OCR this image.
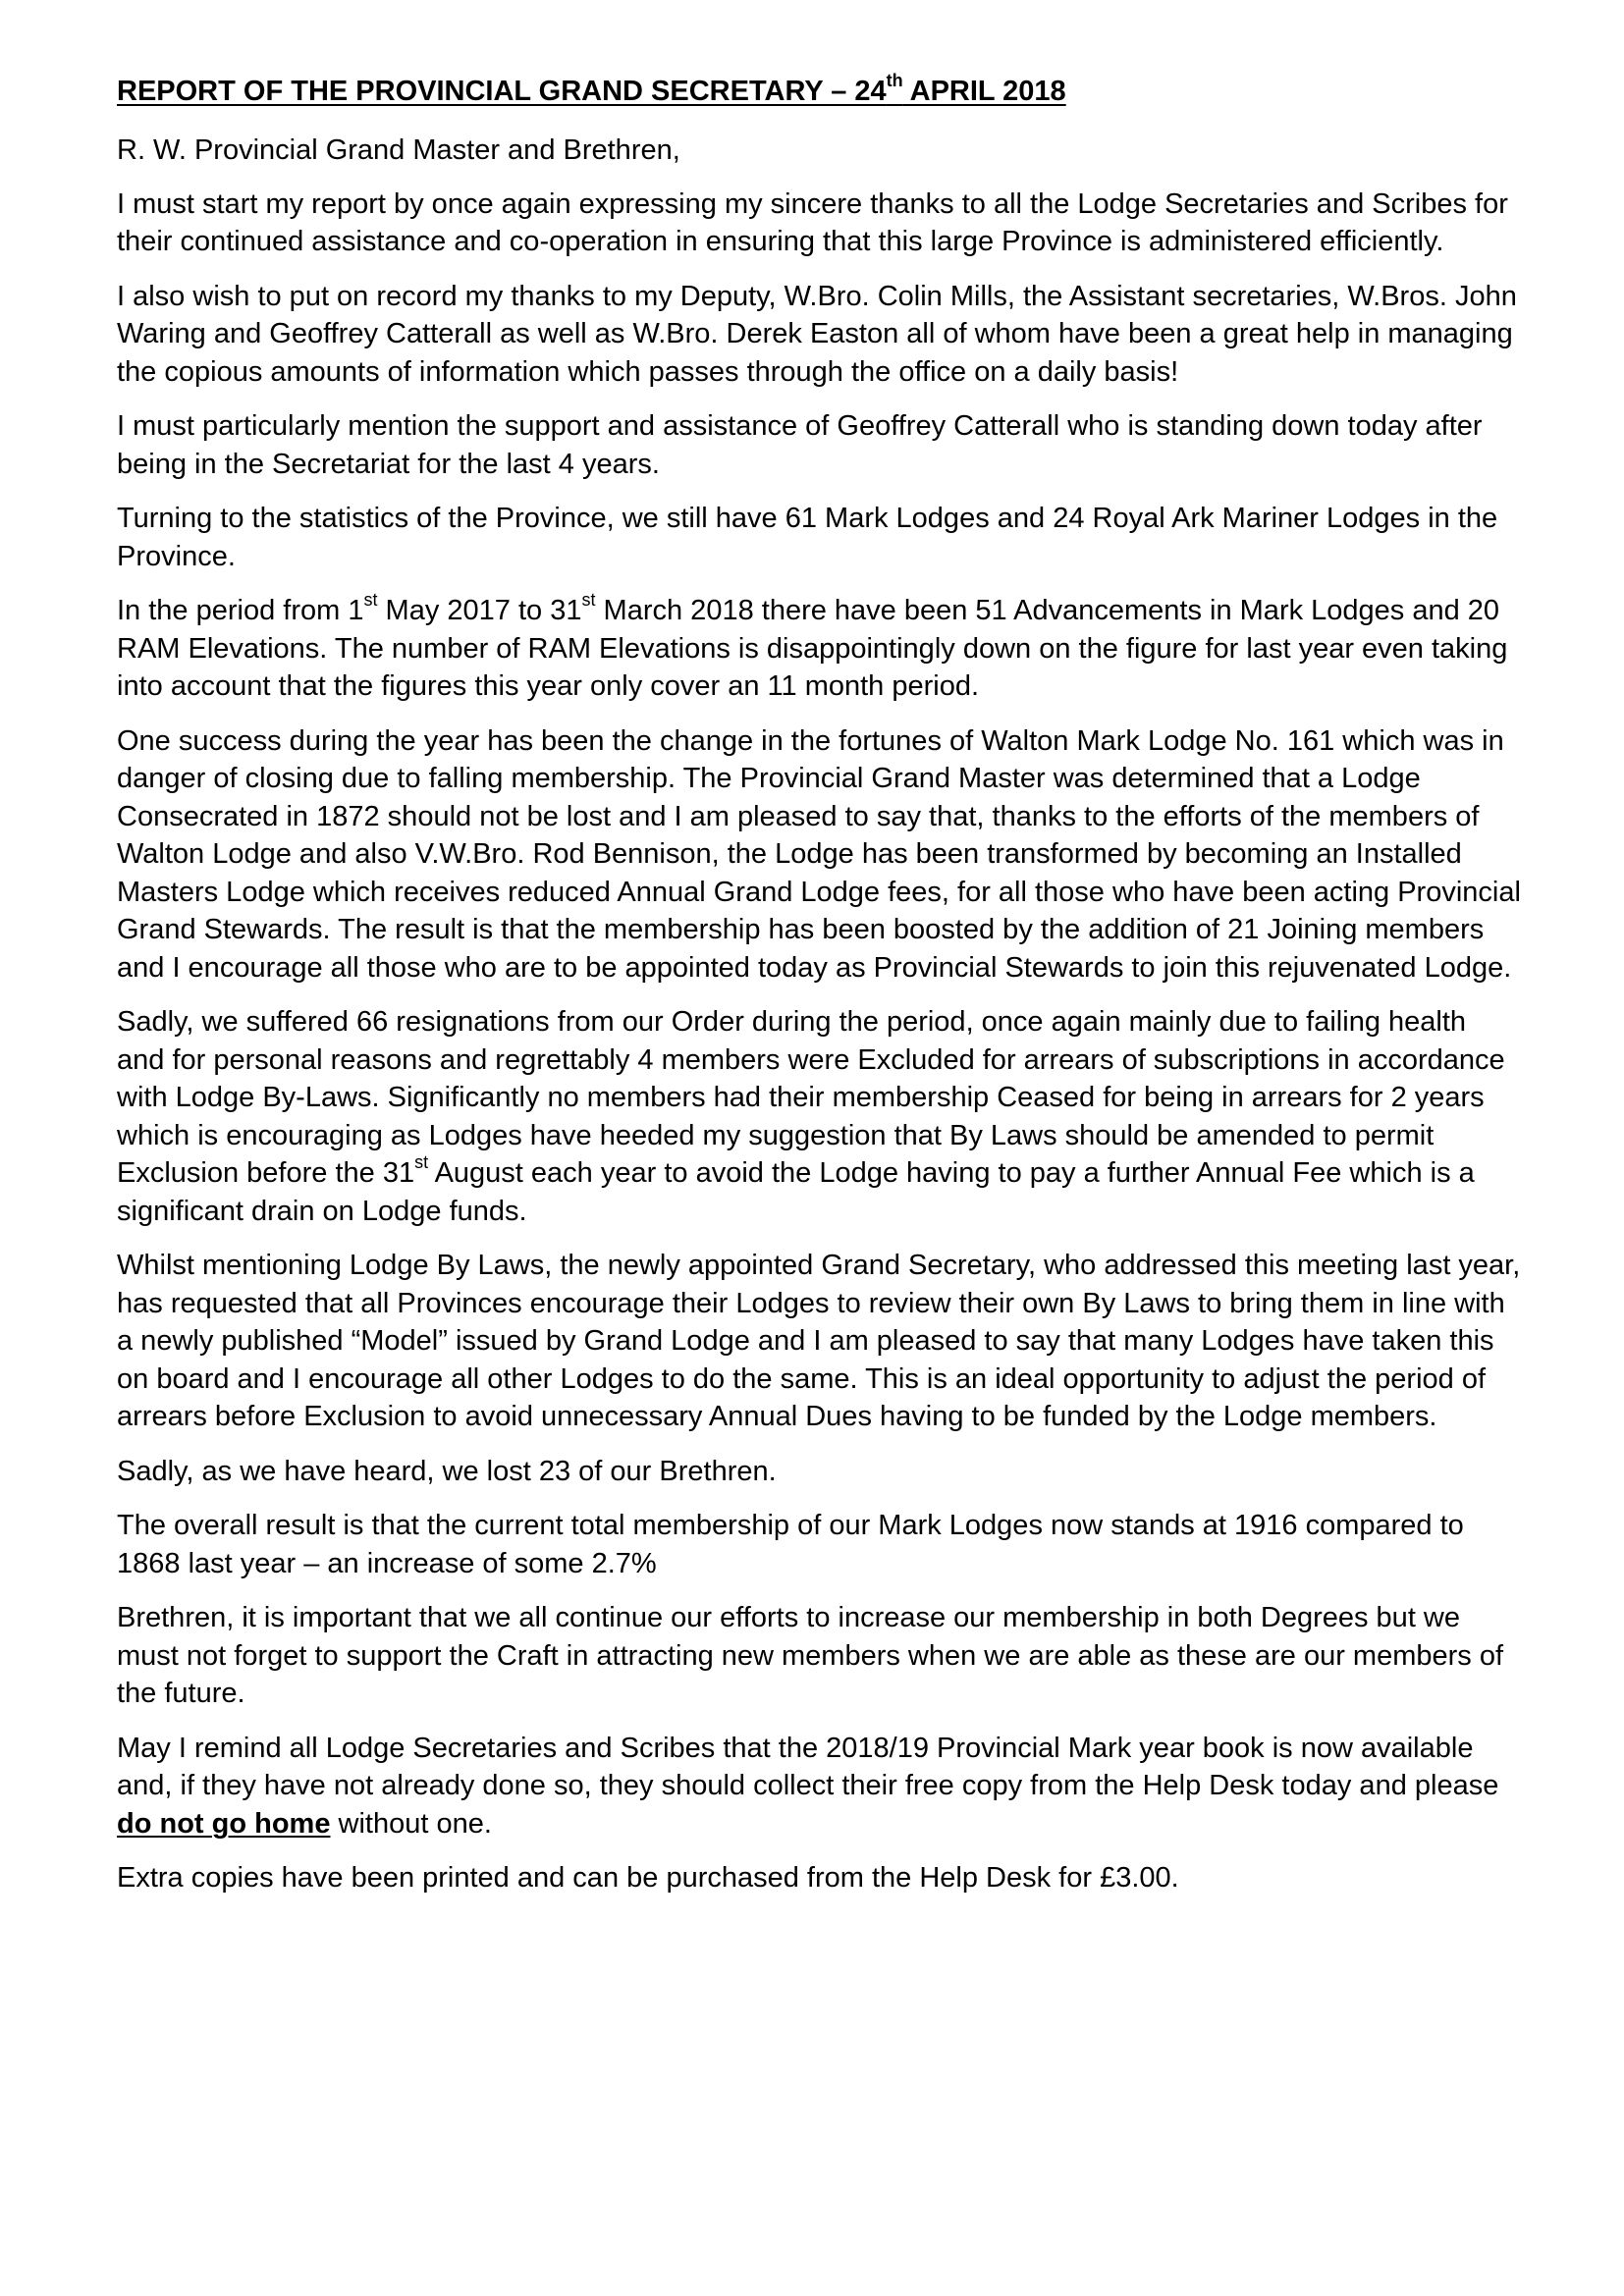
REPORT OF THE PROVINCIAL GRAND SECRETARY – 24th APRIL 2018

R. W. Provincial Grand Master and Brethren,

I must start my report by once again expressing my sincere thanks to all the Lodge Secretaries and Scribes for their continued assistance and co-operation in ensuring that this large Province is administered efficiently.

I also wish to put on record my thanks to my Deputy, W.Bro. Colin Mills, the Assistant secretaries, W.Bros. John Waring and Geoffrey Catterall as well as W.Bro. Derek Easton all of whom have been a great help in managing the copious amounts of information which passes through the office on a daily basis!

I must particularly mention the support and assistance of Geoffrey Catterall who is standing down today after being in the Secretariat for the last 4 years.

Turning to the statistics of the Province, we still have 61 Mark Lodges and 24 Royal Ark Mariner Lodges in the Province.

In the period from 1st May 2017 to 31st March 2018 there have been 51 Advancements in Mark Lodges and 20 RAM Elevations. The number of RAM Elevations is disappointingly down on the figure for last year even taking into account that the figures this year only cover an 11 month period.

One success during the year has been the change in the fortunes of Walton Mark Lodge No. 161 which was in danger of closing due to falling membership. The Provincial Grand Master was determined that a Lodge Consecrated in 1872 should not be lost and I am pleased to say that, thanks to the efforts of the members of Walton Lodge and also V.W.Bro. Rod Bennison, the Lodge has been transformed by becoming an Installed Masters Lodge which receives reduced Annual Grand Lodge fees, for all those who have been acting Provincial Grand Stewards. The result is that the membership has been boosted by the addition of 21 Joining members and I encourage all those who are to be appointed today as Provincial Stewards to join this rejuvenated Lodge.

Sadly, we suffered 66 resignations from our Order during the period, once again mainly due to failing health and for personal reasons and regrettably 4 members were Excluded for arrears of subscriptions in accordance with Lodge By-Laws. Significantly no members had their membership Ceased for being in arrears for 2 years which is encouraging as Lodges have heeded my suggestion that By Laws should be amended to permit Exclusion before the 31st August each year to avoid the Lodge having to pay a further Annual Fee which is a significant drain on Lodge funds.

Whilst mentioning Lodge By Laws, the newly appointed Grand Secretary, who addressed this meeting last year, has requested that all Provinces encourage their Lodges to review their own By Laws to bring them in line with a newly published “Model” issued by Grand Lodge and I am pleased to say that many Lodges have taken this on board and I encourage all other Lodges to do the same. This is an ideal opportunity to adjust the period of arrears before Exclusion to avoid unnecessary Annual Dues having to be funded by the Lodge members.

Sadly, as we have heard, we lost 23 of our Brethren.

The overall result is that the current total membership of our Mark Lodges now stands at 1916 compared to 1868 last year – an increase of some 2.7%

Brethren, it is important that we all continue our efforts to increase our membership in both Degrees but we must not forget to support the Craft in attracting new members when we are able as these are our members of the future.

May I remind all Lodge Secretaries and Scribes that the 2018/19 Provincial Mark year book is now available and, if they have not already done so, they should collect their free copy from the Help Desk today and please do not go home without one.

Extra copies have been printed and can be purchased from the Help Desk for £3.00.
